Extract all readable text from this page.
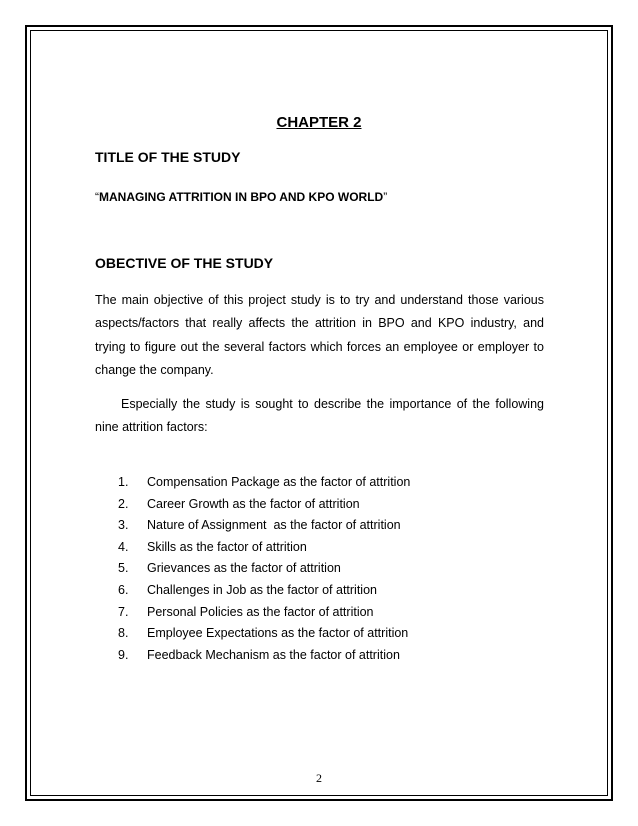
CHAPTER 2

TITLE OF THE STUDY

“MANAGING ATTRITION IN BPO AND KPO WORLD”

OBECTIVE OF THE STUDY

The main objective of this project study is to try and understand those various aspects/factors that really affects the attrition in BPO and KPO industry, and trying to figure out the several factors which forces an employee or employer to change the company.

Especially the study is sought to describe the importance of the following nine attrition factors:

1. Compensation Package as the factor of attrition
2. Career Growth as the factor of attrition
3. Nature of Assignment  as the factor of attrition
4. Skills as the factor of attrition
5. Grievances as the factor of attrition
6. Challenges in Job as the factor of attrition
7. Personal Policies as the factor of attrition
8. Employee Expectations as the factor of attrition
9. Feedback Mechanism as the factor of attrition

2
